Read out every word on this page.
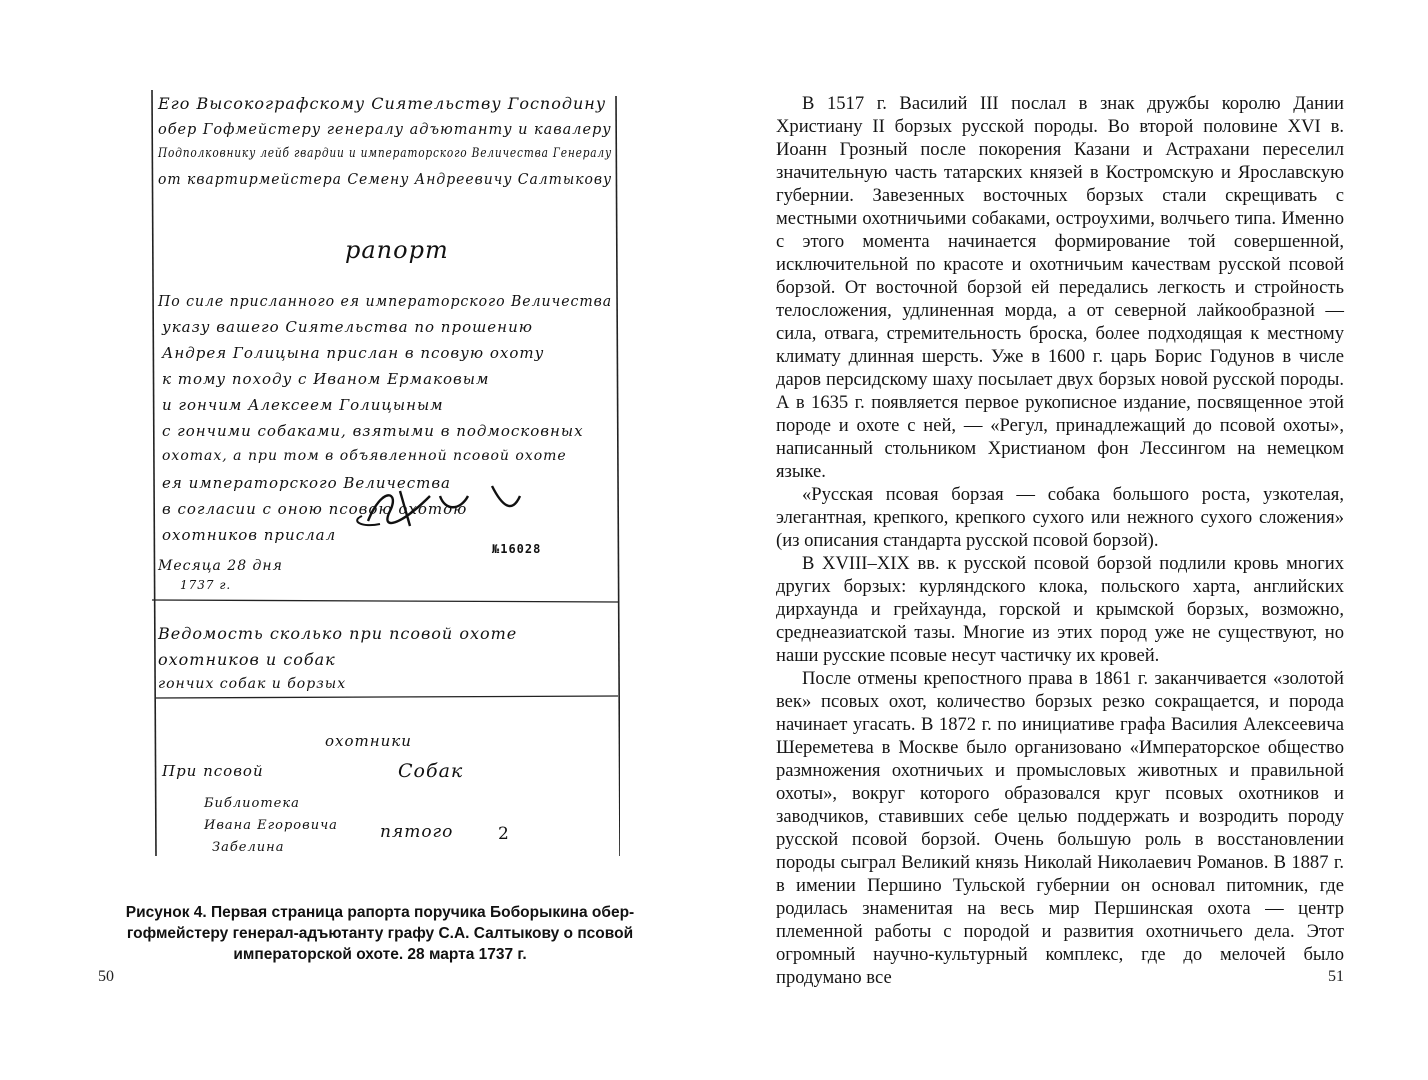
Его Высокографскому Сиятельству Господину
обер Гофмейстеру генералу адъютанту и кавалеру
Подполковнику лейб гвардии и императорского Величества Генералу
от квартирмейстера Семену Андреевичу Салтыкову
рапорт
По силе присланного ея императорского Величества
указу вашего Сиятельства по прошению
Андрея Голицына прислан в псовую охоту
к тому походу с Иваном Ермаковым
и гончим Алексеем Голицыным
с гончими собаками, взятыми в подмосковных
охотах, а при том в объявленной псовой охоте
ея императорского Величества
в согласии с оною псовою охотою
охотников прислал
Месяца 28 дня
1737 г.
№16028
Ведомость сколько при псовой охоте
охотников и собак
гончих собак и борзых
охотники
При псовой	Собак
пятого	2
Библиотека
Ивана Егоровича
Забелина
Рисунок 4. Первая страница рапорта поручика Боборыкина обер-гофмейстеру генерал-адъютанту графу С.А. Салтыкову о псовой императорской охоте. 28 марта 1737 г.
50

В 1517 г. Василий III послал в знак дружбы королю Дании Христиану II борзых русской породы. Во второй половине XVI в. Иоанн Грозный после покорения Казани и Астрахани переселил значительную часть татарских князей в Костромскую и Ярославскую губернии. Завезенных восточных борзых стали скрещивать с местными охотничьими собаками, остроухими, волчьего типа. Именно с этого момента начинается формирование той совершенной, исключительной по красоте и охотничьим качествам русской псовой борзой. От восточной борзой ей передались легкость и стройность телосложения, удлиненная морда, а от северной лайкообразной — сила, отвага, стремительность броска, более подходящая к местному климату длинная шерсть. Уже в 1600 г. царь Борис Годунов в числе даров персидскому шаху посылает двух борзых новой русской породы. А в 1635 г. появляется первое рукописное издание, посвященное этой породе и охоте с ней, — «Регул, принадлежащий до псовой охоты», написанный стольником Христианом фон Лессингом на немецком языке.

«Русская псовая борзая — собака большого роста, узкотелая, элегантная, крепкого, крепкого сухого или нежного сухого сложения» (из описания стандарта русской псовой борзой).

В XVIII–XIX вв. к русской псовой борзой подлили кровь многих других борзых: курляндского клока, польского харта, английских дирхаунда и грейхаунда, горской и крымской борзых, возможно, среднеазиатской тазы. Многие из этих пород уже не существуют, но наши русские псовые несут частичку их кровей.

После отмены крепостного права в 1861 г. заканчивается «золотой век» псовых охот, количество борзых резко сокращается, и порода начинает угасать. В 1872 г. по инициативе графа Василия Алексеевича Шереметева в Москве было организовано «Императорское общество размножения охотничьих и промысловых животных и правильной охоты», вокруг которого образовался круг псовых охотников и заводчиков, ставивших себе целью поддержать и возродить породу русской псовой борзой. Очень большую роль в восстановлении породы сыграл Великий князь Николай Николаевич Романов. В 1887 г. в имении Першино Тульской губернии он основал питомник, где родилась знаменитая на весь мир Першинская охота — центр племенной работы с породой и развития охотничьего дела. Этот огромный научно-культурный комплекс, где до мелочей было продумано все	51
